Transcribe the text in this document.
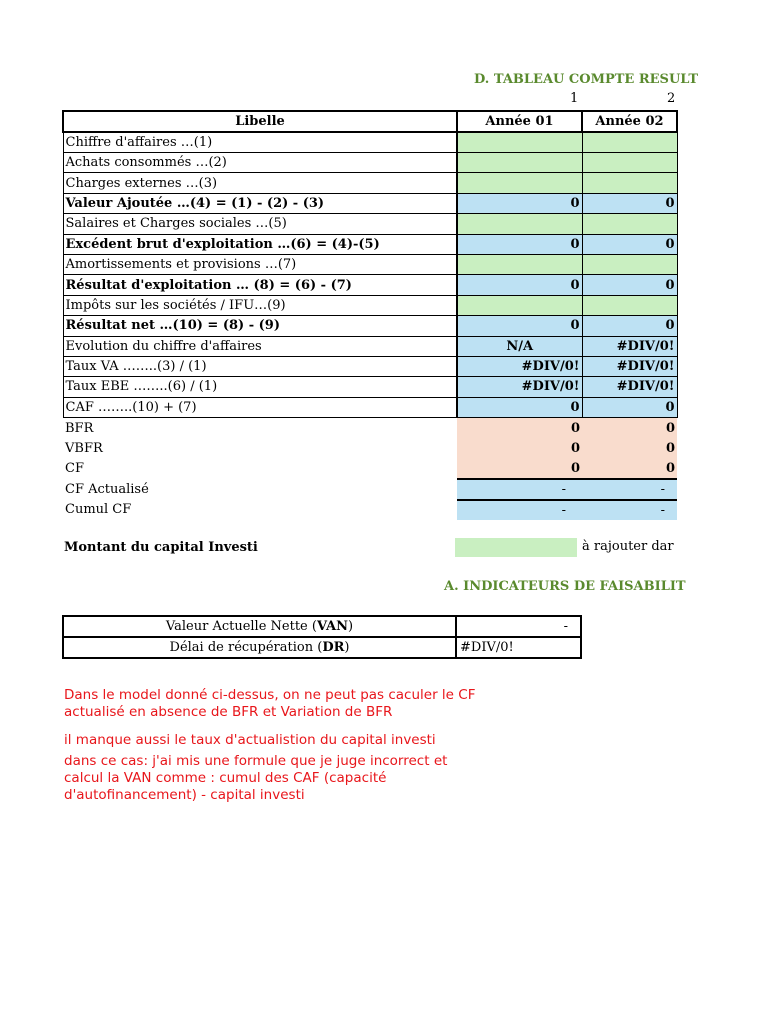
D. TABLEAU COMPTE RESULT
1	2
Libelle	Année 01	Année 02
Chiffre d'affaires …(1)		
Achats consommés …(2)		
Charges externes …(3)		
Valeur Ajoutée …(4) = (1) - (2) - (3)	0	0
Salaires et Charges sociales …(5)		
Excédent brut d'exploitation …(6) = (4)-(5)	0	0
Amortissements et provisions …(7)		
Résultat d'exploitation … (8) = (6) - (7)	0	0
Impôts sur les sociétés / IFU…(9)		
Résultat net …(10) = (8) - (9)	0	0
Evolution du chiffre d'affaires	N/A	#DIV/0!
Taux VA ……..(3) / (1)	#DIV/0!	#DIV/0!
Taux EBE ……..(6) / (1)	#DIV/0!	#DIV/0!
CAF ……..(10) + (7)	0	0
BFR	0	0
VBFR	0	0
CF	0	0
CF Actualisé	-	-
Cumul CF	-	-
Montant du capital Investi	à rajouter dar
A. INDICATEURS DE FAISABILIT
Valeur Actuelle Nette (VAN)	-
Délai de récupération (DR)	#DIV/0!
Dans le model donné ci-dessus, on ne peut pas caculer le CF actualisé en absence de BFR et Variation de BFR
il manque aussi le taux d'actualistion du capital investi
dans ce cas: j'ai mis une formule que je juge incorrect et calcul la VAN comme : cumul des CAF (capacité d'autofinancement) - capital investi
